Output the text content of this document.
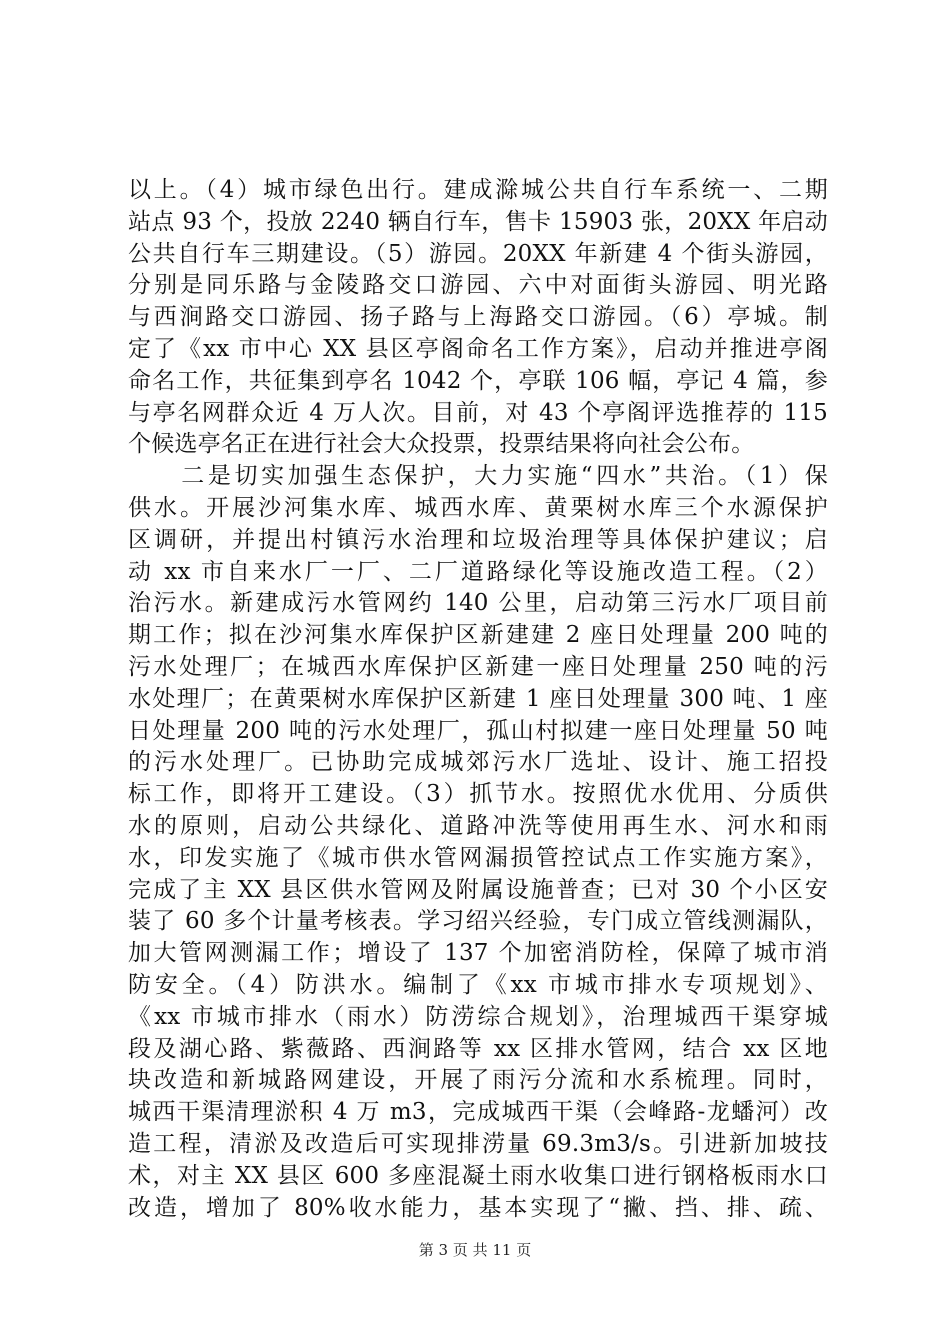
以上。（4）城市绿色出行。建成滁城公共自行车系统一、二期
站点 93 个，投放 2240 辆自行车，售卡 15903 张，20XX 年启动
公共自行车三期建设。（5）游园。20XX 年新建 4 个街头游园，
分别是同乐路与金陵路交口游园、六中对面街头游园、明光路
与西涧路交口游园、扬子路与上海路交口游园。（6）亭城。制
定了《xx 市中心 XX 县区亭阁命名工作方案》，启动并推进亭阁
命名工作，共征集到亭名 1042 个，亭联 106 幅，亭记 4 篇，参
与亭名网群众近 4 万人次。目前，对 43 个亭阁评选推荐的 115
个候选亭名正在进行社会大众投票，投票结果将向社会公布。
　　二是切实加强生态保护，大力实施“四水”共治。（1）保
供水。开展沙河集水库、城西水库、黄栗树水库三个水源保护
区调研，并提出村镇污水治理和垃圾治理等具体保护建议；启
动 xx 市自来水厂一厂、二厂道路绿化等设施改造工程。（2）
治污水。新建成污水管网约 140 公里，启动第三污水厂项目前
期工作；拟在沙河集水库保护区新建建 2 座日处理量 200 吨的
污水处理厂；在城西水库保护区新建一座日处理量 250 吨的污
水处理厂；在黄栗树水库保护区新建 1 座日处理量 300 吨、1 座
日处理量 200 吨的污水处理厂，孤山村拟建一座日处理量 50 吨
的污水处理厂。已协助完成城郊污水厂选址、设计、施工招投
标工作，即将开工建设。（3）抓节水。按照优水优用、分质供
水的原则，启动公共绿化、道路冲洗等使用再生水、河水和雨
水，印发实施了《城市供水管网漏损管控试点工作实施方案》，
完成了主 XX 县区供水管网及附属设施普查；已对 30 个小区安
装了 60 多个计量考核表。学习绍兴经验，专门成立管线测漏队，
加大管网测漏工作；增设了 137 个加密消防栓，保障了城市消
防安全。（4）防洪水。编制了《xx 市城市排水专项规划》、
《xx 市城市排水（雨水）防涝综合规划》，治理城西干渠穿城
段及湖心路、紫薇路、西涧路等 xx 区排水管网，结合 xx 区地
块改造和新城路网建设，开展了雨污分流和水系梳理。同时，
城西干渠清理淤积 4 万 m3，完成城西干渠（会峰路-龙蟠河）改
造工程，清淤及改造后可实现排涝量 69.3m3/s。引进新加坡技
术，对主 XX 县区 600 多座混凝土雨水收集口进行钢格板雨水口
改造，增加了 80%收水能力，基本实现了“撇、挡、排、疏、
第 3 页 共 11 页
